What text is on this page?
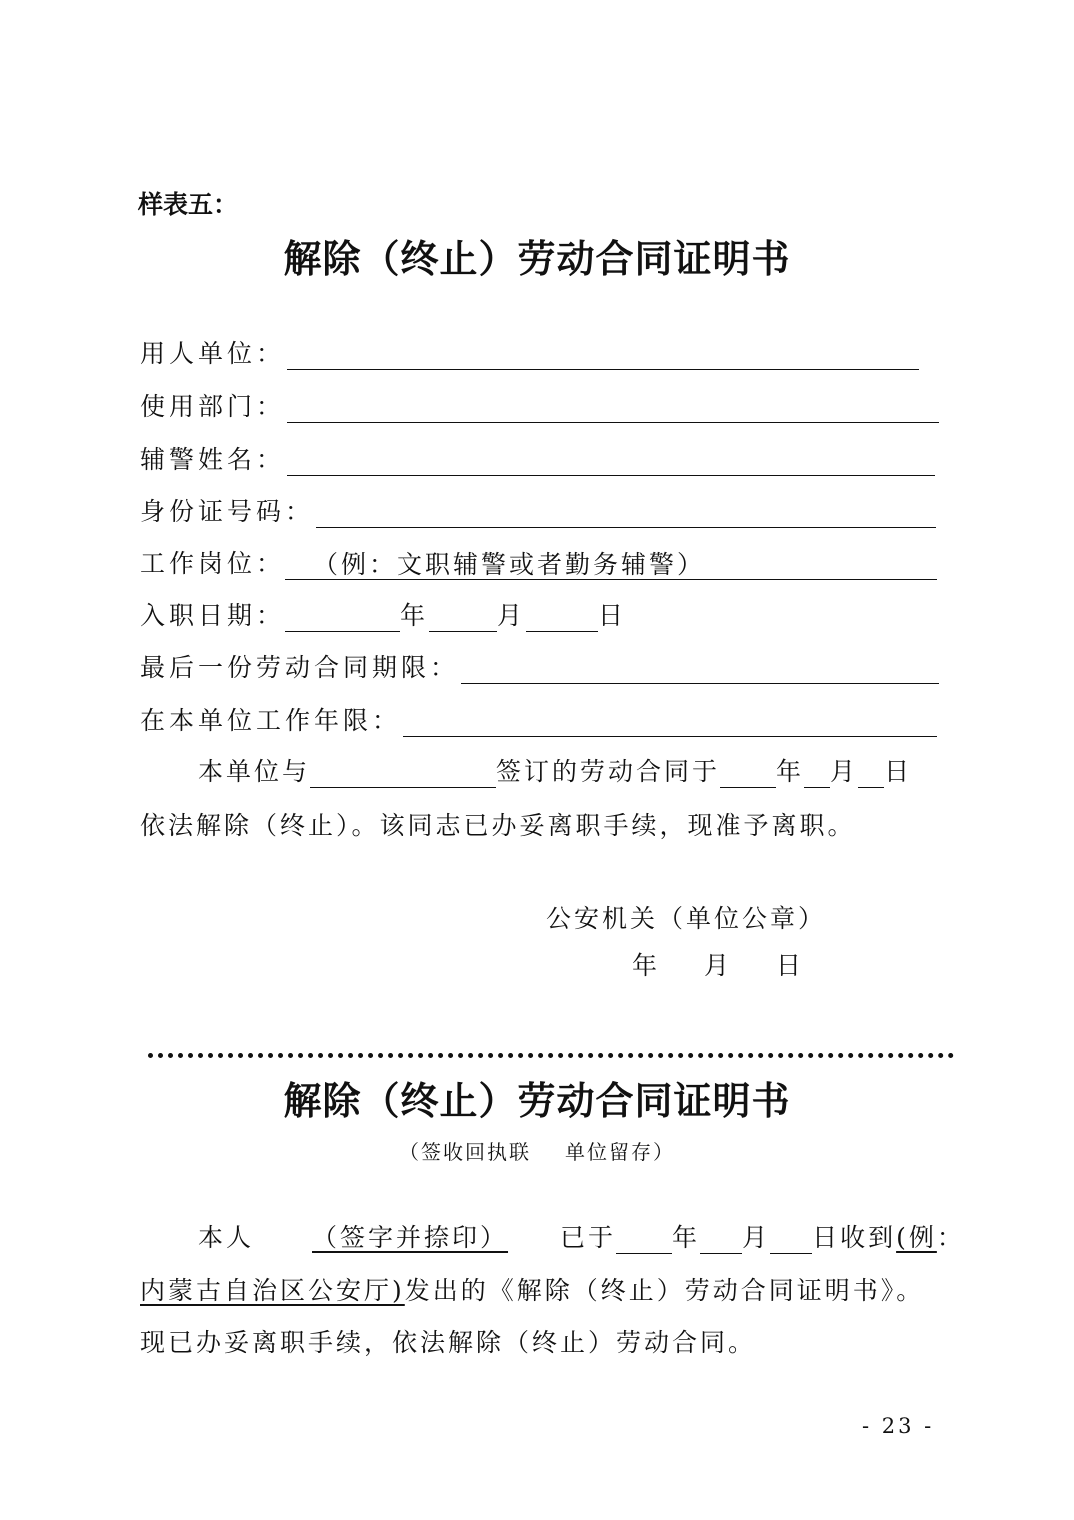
样表五：
解除（终止）劳动合同证明书
用人单位：
使用部门：
辅警姓名：
身份证号码：
工作岗位：	（例：文职辅警或者勤务辅警）
入职日期：	年	月	日
最后一份劳动合同期限：
在本单位工作年限：
本单位与	签订的劳动合同于 年 月 日
依法解除（终止）。该同志已办妥离职手续，现准予离职。
公安机关（单位公章）
年 月 日
解除（终止）劳动合同证明书
（签收回执联 单位留存）
本人	（签字并捺印）	已于 年 月 日收到 (例 ：
内蒙古自治区公安厅)发出的《解除（终止）劳动合同证明书》。
现已办妥离职手续，依法解除（终止）劳动合同。
- 23 -
